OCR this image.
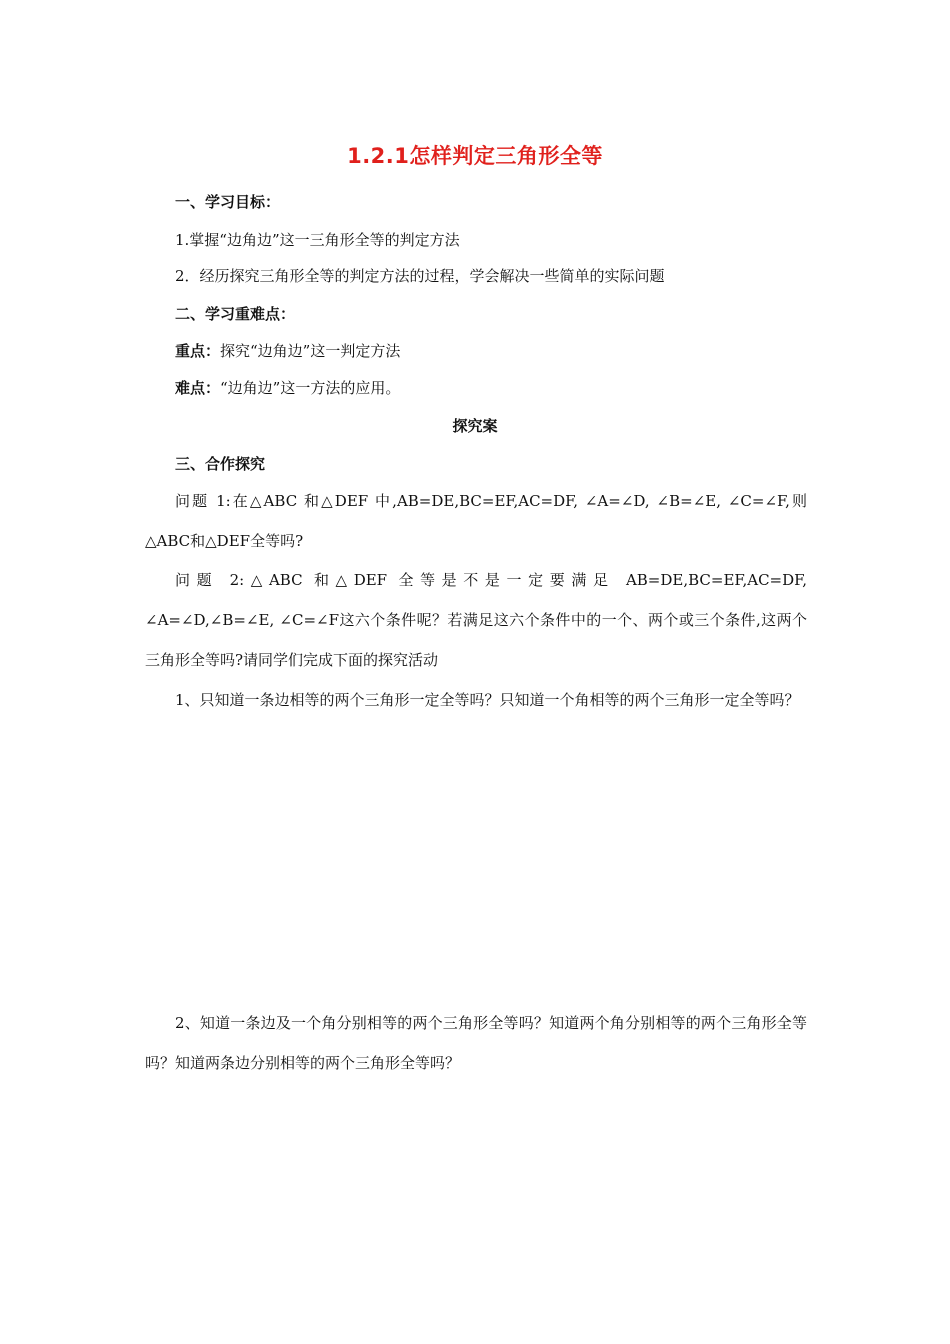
1.2.1怎样判定三角形全等
一、学习目标：
1.掌握“边角边”这一三角形全等的判定方法
2．经历探究三角形全等的判定方法的过程，学会解决一些简单的实际问题
二、学习重难点：
重点：探究“边角边”这一判定方法
难点：“边角边”这一方法的应用。
探究案
三、合作探究
问题 1:在△ABC 和△DEF 中,AB=DE,BC=EF,AC=DF, ∠A=∠D, ∠B=∠E, ∠C=∠F,则△ABC和△DEF全等吗?
问题 2:△ABC 和△DEF 全等是不是一定要满足 AB=DE,BC=EF,AC=DF, ∠A=∠D,∠B=∠E, ∠C=∠F这六个条件呢？若满足这六个条件中的一个、两个或三个条件,这两个三角形全等吗?请同学们完成下面的探究活动
1、只知道一条边相等的两个三角形一定全等吗？只知道一个角相等的两个三角形一定全等吗？
2、知道一条边及一个角分别相等的两个三角形全等吗？知道两个角分别相等的两个三角形全等吗？知道两条边分别相等的两个三角形全等吗？
